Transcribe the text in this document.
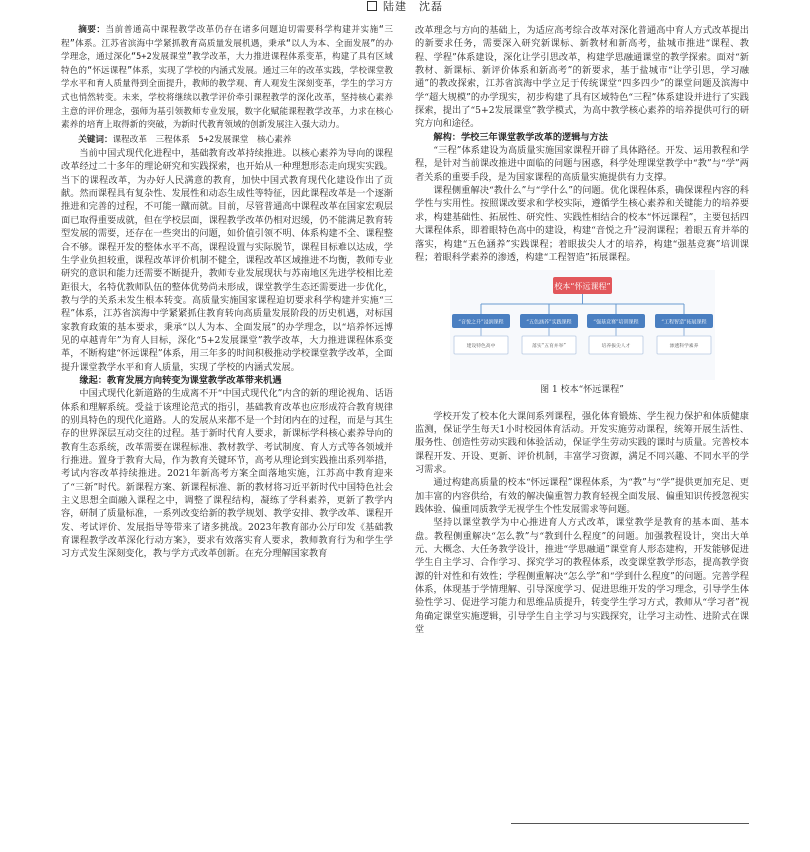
陆建　沈磊
摘要：当前普通高中课程教学改革仍存在诸多问题迫切需要科学构建并实施“三程”体系。江苏省滨海中学紧抓教育高质量发展机遇，秉承“以人为本、全面发展”的办学理念，通过深化“5+2发展课堂”教学改革，大力推进课程体系变革，构建了具有区域特色的“怀远课程”体系，实现了学校的内涵式发展。通过三年的改革实践，学校课堂教学水平和育人质量得到全面提升，教师的教学观、育人观发生深刻变革，学生的学习方式也悄然转变。未来，学校将继续以教学评价牵引课程教学的深化改革，坚持核心素养主意的评价理念，强师为基引领教师专业发展，数字化赋能课程教学改革，力求在核心素养的培育上取得新的突破，为新时代教育领域的创新发展注入强大动力。

关键词：课程改革　三程体系　5+2发展课堂　核心素养

当前中国式现代化进程中，基础教育改革持续推进。以核心素养为导向的课程改革经过二十多年的理论研究和实践探索，也开始从一种理想形态走向现实实践。当下的课程改革，为办好人民满意的教育，加快中国式教育现代化建设作出了贡献。然而课程具有复杂性、发展性和动态生成性等特征，因此课程改革是一个逐渐推进和完善的过程，不可能一蹴而就。目前，尽管普通高中课程改革在国家宏观层面已取得重要成就，但在学校层面，课程教学改革仍相对迟缓，仍不能满足教育转型发展的需要，还存在一些突出的问题，如价值引领不明、体系构建不全、课程整合不够。课程开发的整体水平不高，课程设置与实际脱节，课程目标难以达成，学生学业负担较重，课程改革评价机制不健全，课程改革区域推进不均衡，教师专业研究的意识和能力还需要不断提升，教师专业发展现状与苏南地区先进学校相比差距很大，名特优教师队伍的整体优势尚未形成，课堂教学生态还需要进一步优化，教与学的关系未发生根本转变。高质量实施国家课程迫切要求科学构建并实施“三程”体系，江苏省滨海中学紧紧抓住教育转向高质量发展阶段的历史机遇，对标国家教育政策的基本要求，秉承“以人为本、全面发展”的办学理念，以“培养怀远博见的卓越青年”为育人目标，深化“5+2发展课堂”教学改革，大力推进课程体系变革，不断构建“怀远课程”体系，用三年多的时间积极推动学校课堂教学改革，全面提升课堂教学水平和育人质量，实现了学校的内涵式发展。

缘起：教育发展方向转变为课堂教学改革带来机遇

中国式现代化新道路的生成离不开“中国式现代化”内含的新的理论视角、话语体系和理解系统。受益于该理论范式的指引，基础教育改革也应形成符合教育规律的别具特色的现代化道路。人的发展从来都不是一个封闭内在的过程，而是与其生存的世界深层互动交往的过程。基于新时代育人要求，新课标学科核心素养导向的教育生态系统，改革需要在课程标准、教材教学、考试制度、育人方式等各领域并行推进。置身于教育大局，作为教育关键环节，高考从理论到实践推出系列举措，考试内容改革持续推进。2021年新高考方案全面落地实施，江苏高中教育迎来了“三新”时代。新课程方案、新课程标准、新的教材将习近平新时代中国特色社会主义思想全面融入课程之中，调整了课程结构，凝练了学科素养，更新了教学内容，研制了质量标准，一系列改变给新的教学规划、教学安排、教学改革、课程开发、考试评价、发展指导等带来了诸多挑战。2023年教育部办公厅印发《基础教育课程教学改革深化行动方案》，要求有效落实育人要求，教师教育行为和学生学习方式发生深刻变化，教与学方式改革创新。在充分理解国家教育

改革理念与方向的基础上，为适应高考综合改革对深化普通高中育人方式改革提出的新要求任务，需要深入研究新课标、新教材和新高考，盐城市推进“课程、教程、学程”体系建设，深化让学引思改革，构建学思融通课堂的教学探索。面对“新教材、新课标、新评价体系和新高考”的新要求，基于盐城市“让学引思，学习融通”的教改探索，江苏省滨海中学立足于传统课堂“四多四少”的课堂问题及滨海中学“超大规模”的办学现实，初步构建了具有区域特色“三程”体系建设并进行了实践探索，提出了“5+2发展课堂”教学模式，为高中教学核心素养的培养提供可行的研究方向和途径。

解构：学校三年课堂教学改革的逻辑与方法

“三程”体系建设为高质量实施国家课程开辟了具体路径。开发、运用教程和学程，是针对当前课改推进中面临的问题与困惑，科学处理课堂教学中“教”与“学”两者关系的重要手段，是为国家课程的高质量实施提供有力支撑。

课程侧重解决“教什么”与“学什么”的问题。优化课程体系，确保课程内容的科学性与实用性。按照课改要求和学校实际，遵循学生核心素养和关键能力的培养要求，构建基础性、拓展性、研究性、实践性相结合的校本“怀远课程”，主要包括四大课程体系，即着眼特色高中的建设，构建“音悦之升”浸润课程；着眼五育并举的落实，构建“五色涵养”实践课程；着眼拔尖人才的培养，构建“强基竞赛”培训课程；着眼科学素养的渗透，构建“工程智造”拓展课程。

校本“怀远课程”
“音悦之升”浸润课程	“五色涵养”实践课程	“强基竞赛”培训课程	“工程智造”拓展课程
建设特色高中	落实“五育并举”	培养拔尖人才	渗透科学素养

图 1 校本“怀远课程”

学校开发了校本化大课间系列课程，强化体育锻炼、学生视力保护和体质健康监测，保证学生每天1小时校园体育活动。开发实施劳动课程，统筹开展生活性、服务性、创造性劳动实践和体验活动，保证学生劳动实践的课时与质量。完善校本课程开发、开设、更新、评价机制，丰富学习资源，满足不同兴趣、不同水平的学习需求。

通过构建高质量的校本“怀远课程”课程体系，为“教”与“学”提供更加充足、更加丰富的内容供给，有效的解决偏重智力教育轻视全面发展、偏重知识传授忽视实践体验、偏重同质教学无视学生个性发展需求等问题。

坚持以课堂教学为中心推进育人方式改革，课堂教学是教育的基本面、基本盘。教程侧重解决“怎么教”与“教到什么程度”的问题。加强教程设计，突出大单元、大概念、大任务教学设计，推进“学思融通”课堂育人形态建构，开发能够促进学生自主学习、合作学习、探究学习的教程体系，改变课堂教学形态，提高教学资源的针对性和有效性；学程侧重解决“怎么学”和“学到什么程度”的问题。完善学程体系，体现基于学情理解、引导深度学习、促进思维开发的学习理念，引导学生体验性学习、促进学习能力和思维品质提升，转变学生学习方式，教师从“学习者”视角确定课堂实施逻辑，引导学生自主学习与实践探究，让学习主动性、进阶式在课堂
